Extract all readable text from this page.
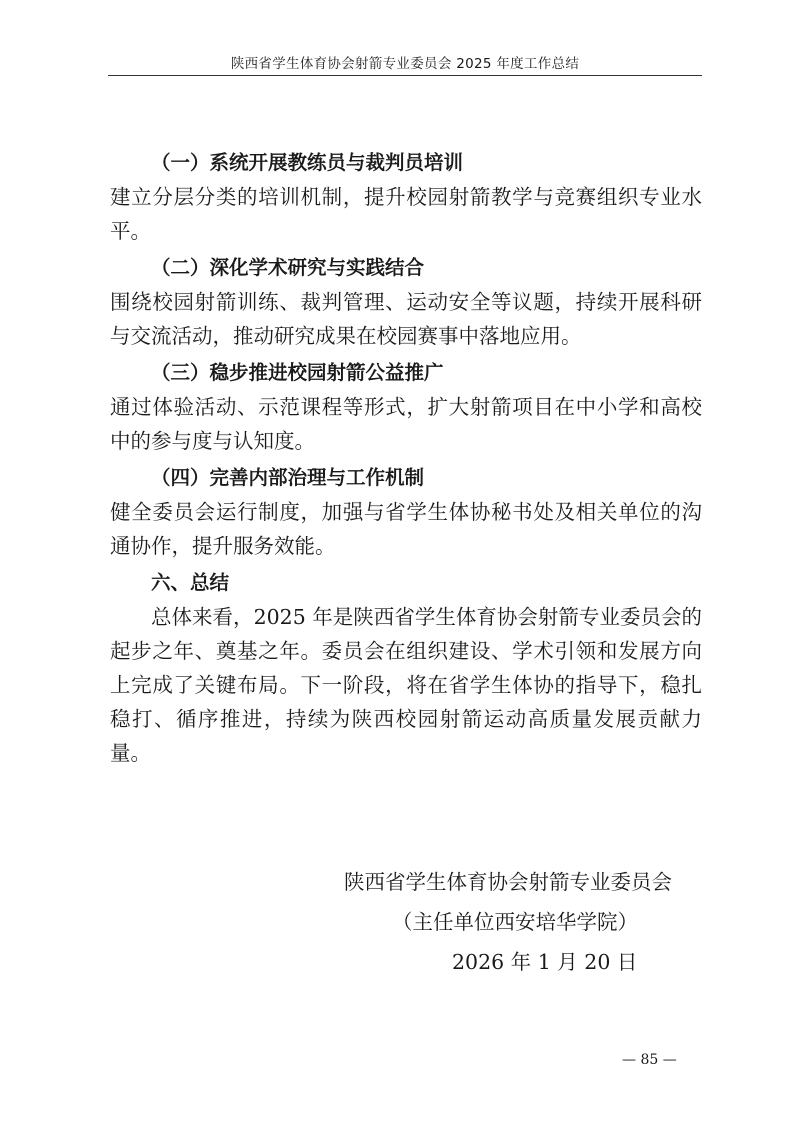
陕西省学生体育协会射箭专业委员会 2025 年度工作总结

（一）系统开展教练员与裁判员培训

建立分层分类的培训机制，提升校园射箭教学与竞赛组织专业水平。

（二）深化学术研究与实践结合

围绕校园射箭训练、裁判管理、运动安全等议题，持续开展科研与交流活动，推动研究成果在校园赛事中落地应用。

（三）稳步推进校园射箭公益推广

通过体验活动、示范课程等形式，扩大射箭项目在中小学和高校中的参与度与认知度。

（四）完善内部治理与工作机制

健全委员会运行制度，加强与省学生体协秘书处及相关单位的沟通协作，提升服务效能。

六、总结

总体来看，2025 年是陕西省学生体育协会射箭专业委员会的起步之年、奠基之年。委员会在组织建设、学术引领和发展方向上完成了关键布局。下一阶段，将在省学生体协的指导下，稳扎稳打、循序推进，持续为陕西校园射箭运动高质量发展贡献力量。

陕西省学生体育协会射箭专业委员会
（主任单位西安培华学院）
2026 年 1 月 20 日
— 85 —
